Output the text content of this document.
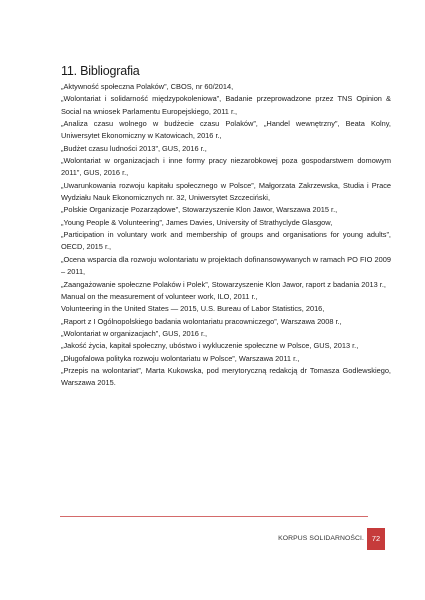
11. Bibliografia

„Aktywność społeczna Polaków”, CBOS, nr 60/2014,

„Wolontariat i solidarność międzypokoleniowa”, Badanie przeprowadzone przez TNS Opinion & Social na wniosek Parlamentu Europejskiego, 2011 r.,

„Analiza czasu wolnego w budżecie czasu Polaków”, „Handel wewnętrzny”, Beata Kolny, Uniwersytet Ekonomiczny w Katowicach, 2016 r.,

„Budżet czasu ludności 2013”, GUS, 2016 r.,

„Wolontariat w organizacjach i inne formy pracy niezarobkowej poza gospodarstwem domowym 2011”, GUS, 2016 r.,

„Uwarunkowania rozwoju kapitału społecznego w Polsce”, Małgorzata Zakrzewska, Studia i Prace Wydziału Nauk Ekonomicznych nr. 32, Uniwersytet Szczeciński,

„Polskie Organizacje Pozarządowe”, Stowarzyszenie Klon Jawor, Warszawa 2015 r.,

„Young People & Volunteering”, James Davies, University of Strathyclyde Glasgow,

„Participation in voluntary work and membership of groups and organisations for young adults”, OECD, 2015 r.,

„Ocena wsparcia dla rozwoju wolontariatu w projektach dofinansowywanych w ramach PO FIO 2009 – 2011,

„Zaangażowanie społeczne Polaków i Polek”, Stowarzyszenie Klon Jawor, raport z badania 2013 r.,

Manual on the measurement of volunteer work, ILO, 2011 r.,

Volunteering in the United States — 2015, U.S. Bureau of Labor Statistics, 2016,

„Raport z I Ogólnopolskiego badania wolontariatu pracowniczego”, Warszawa 2008 r.,

„Wolontariat w organizacjach”, GUS, 2016 r.,

„Jakość życia, kapitał społeczny, ubóstwo i wykluczenie społeczne w Polsce, GUS, 2013 r.,

„Długofalowa polityka rozwoju wolontariatu w Polsce”, Warszawa 2011 r.,

„Przepis na wolontariat”, Marta Kukowska, pod merytoryczną redakcją dr Tomasza Godlewskiego, Warszawa 2015.

KORPUS SOLIDARNOŚCI.	72
